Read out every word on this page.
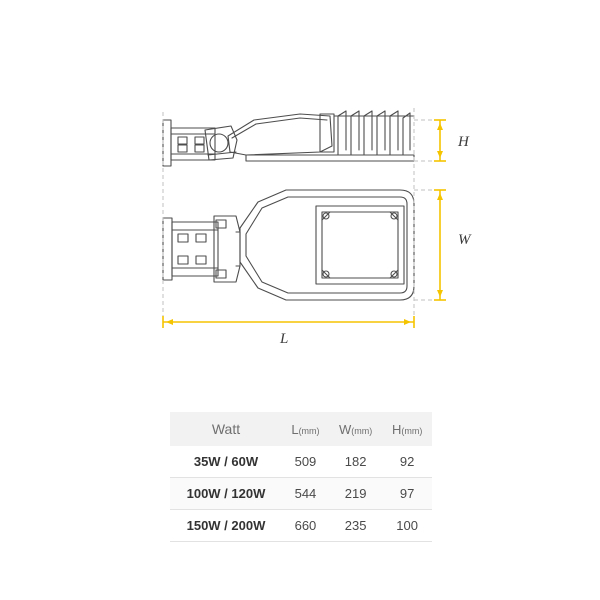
H
W
L
Watt	L(mm)	W(mm)	H(mm)
35W / 60W	509	182	92
100W / 120W	544	219	97
150W / 200W	660	235	100
